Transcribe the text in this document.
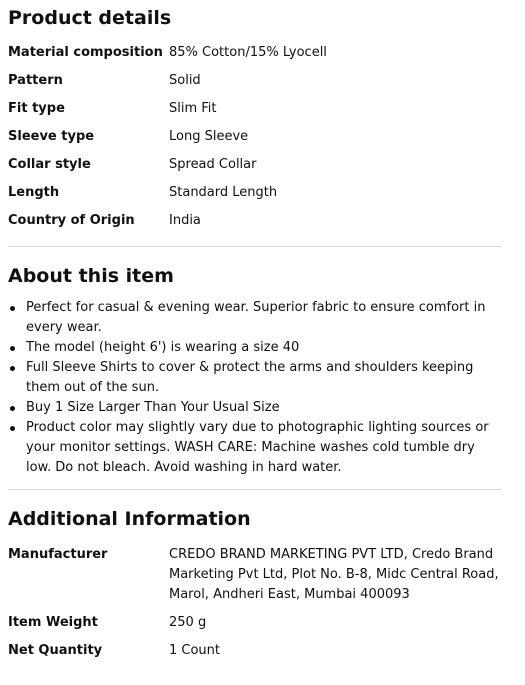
Product details
Material composition 85% Cotton/15% Lyocell
Pattern	Solid
Fit type	Slim Fit
Sleeve type	Long Sleeve
Collar style	Spread Collar
Length	Standard Length
Country of Origin	India
About this item
Perfect for casual & evening wear. Superior fabric to ensure comfort in every wear.
The model (height 6') is wearing a size 40
Full Sleeve Shirts to cover & protect the arms and shoulders keeping them out of the sun.
Buy 1 Size Larger Than Your Usual Size
Product color may slightly vary due to photographic lighting sources or your monitor settings. WASH CARE: Machine washes cold tumble dry low. Do not bleach. Avoid washing in hard water.
Additional Information
Manufacturer	CREDO BRAND MARKETING PVT LTD, Credo Brand Marketing Pvt Ltd, Plot No. B-8, Midc Central Road, Marol, Andheri East, Mumbai 400093
Item Weight	250 g
Net Quantity	1 Count
